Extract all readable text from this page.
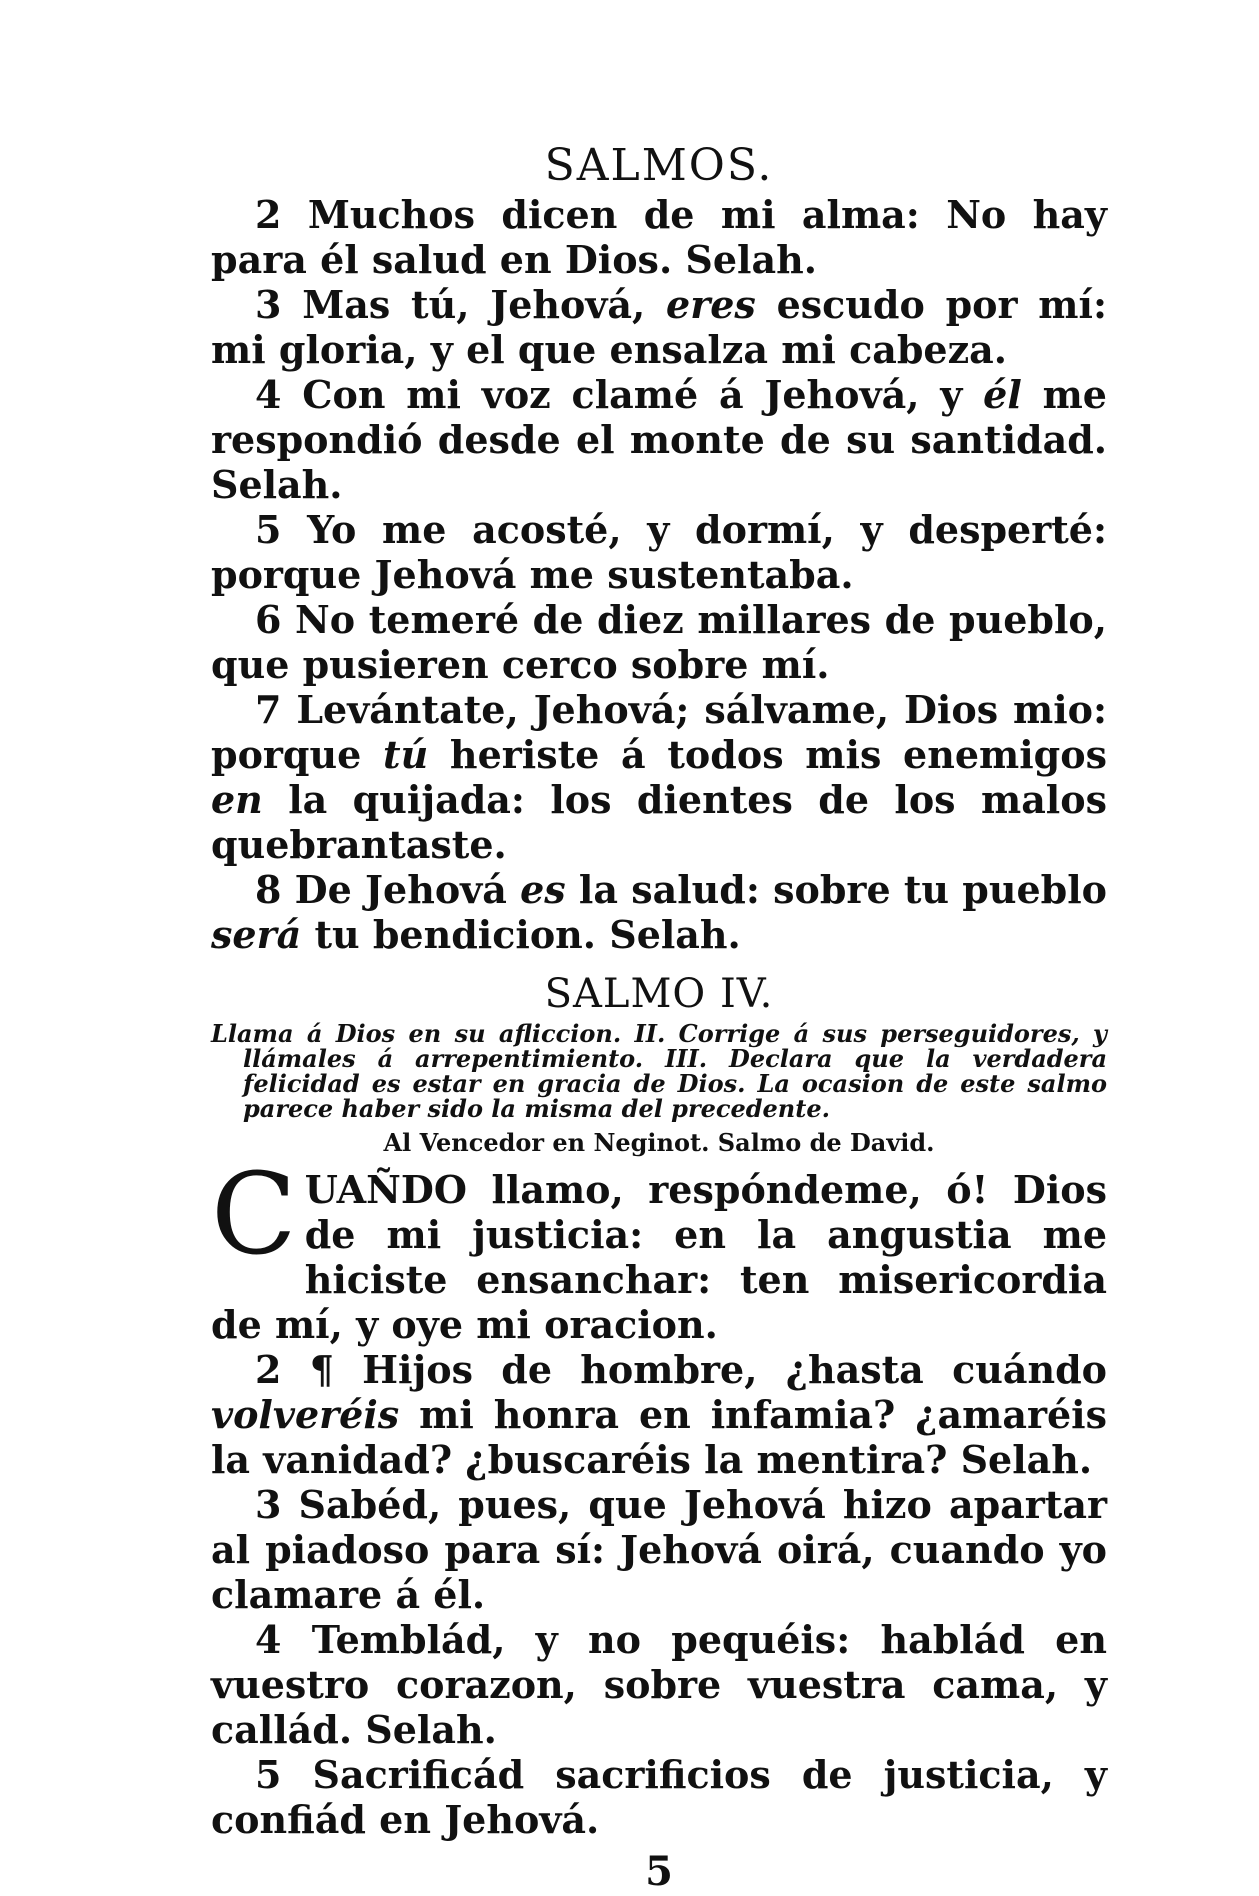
SALMOS.

2 Muchos dicen de mi alma: No hay para él salud en Dios. Selah.

3 Mas tú, Jehová, eres escudo por mí: mi gloria, y el que ensalza mi cabeza.

4 Con mi voz clamé á Jehová, y él me respondió desde el monte de su santidad. Selah.

5 Yo me acosté, y dormí, y desperté: porque Jehová me sustentaba.

6 No temeré de diez millares de pueblo, que pusieren cerco sobre mí.

7 Levántate, Jehová; sálvame, Dios mio: porque tú heriste á todos mis enemigos en la quijada: los dientes de los malos quebrantaste.

8 De Jehová es la salud: sobre tu pueblo será tu bendicion. Selah.

SALMO IV.
Llama á Dios en su afliccion. II. Corrige á sus perseguidores, y llámales á arrepentimiento. III. Declara que la verdadera felicidad es estar en gracia de Dios. La ocasion de este salmo parece haber sido la misma del precedente.
Al Vencedor en Neginot. Salmo de David.

CUAÑDO llamo, respóndeme, ó! Dios de mi justicia: en la angustia me hiciste ensanchar: ten misericordia de mí, y oye mi oracion.

2 ¶ Hijos de hombre, ¿hasta cuándo volveréis mi honra en infamia? ¿amaréis la vanidad? ¿buscaréis la mentira? Selah.

3 Sabéd, pues, que Jehová hizo apartar al piadoso para sí: Jehová oirá, cuando yo clamare á él.

4 Temblád, y no pequéis: hablád en vuestro corazon, sobre vuestra cama, y callád. Selah.

5 Sacrificád sacrificios de justicia, y confiád en Jehová.

5
